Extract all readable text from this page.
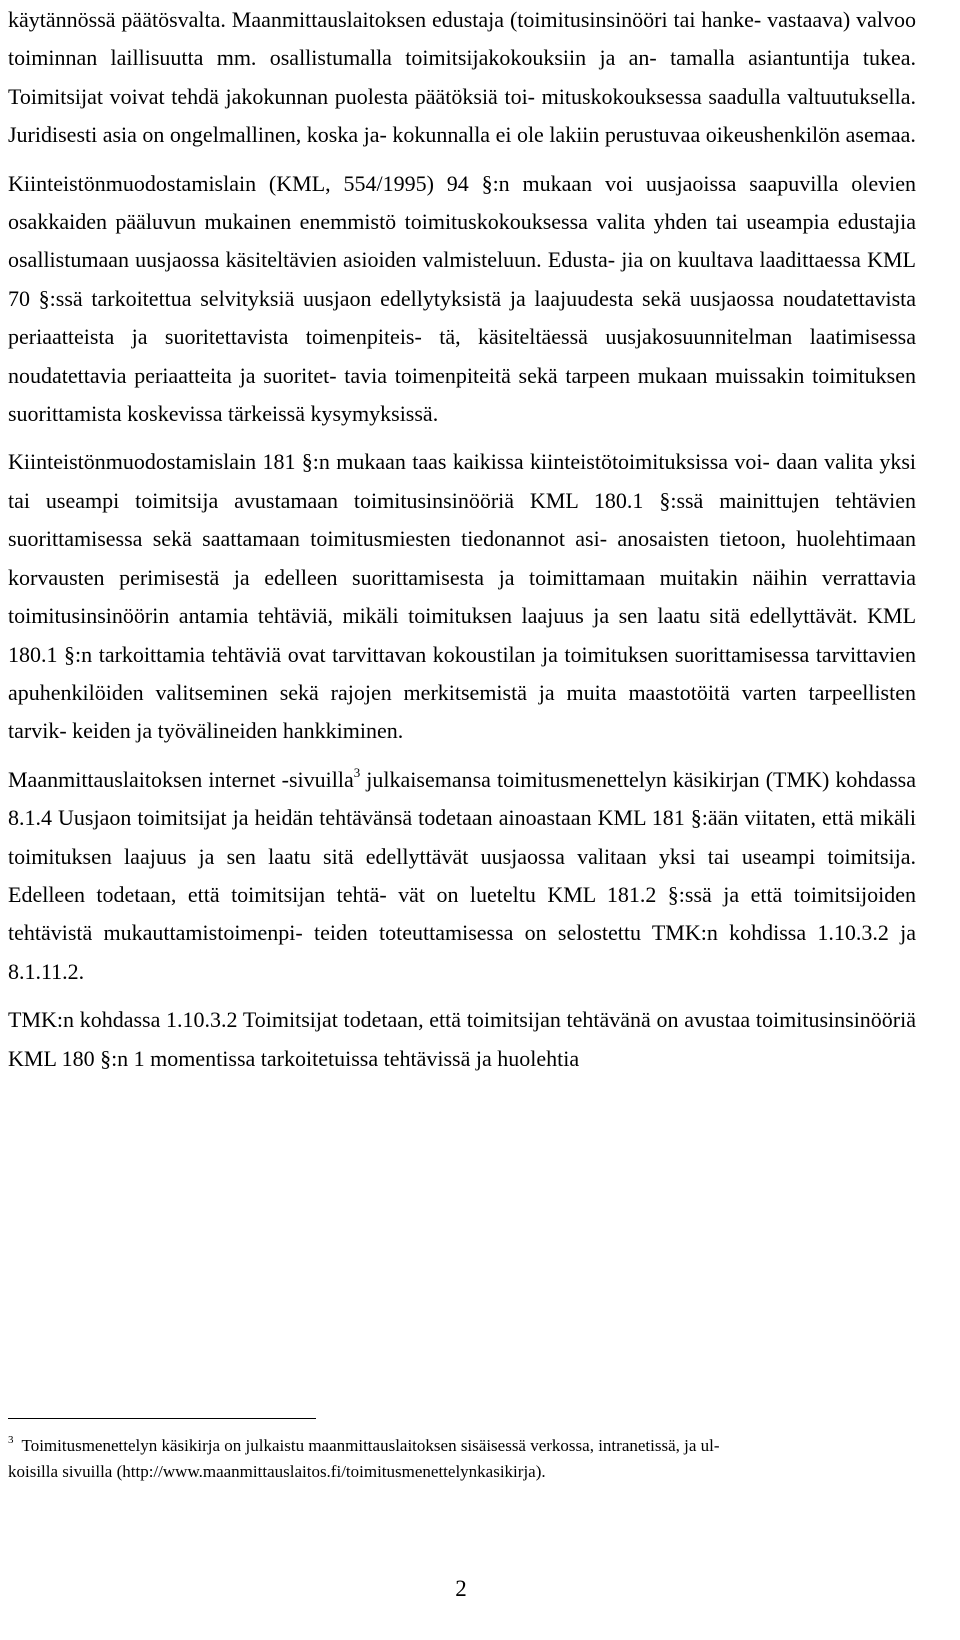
käytännössä päätösvalta. Maanmittauslaitoksen edustaja (toimitusinsinööri tai hanke- vastaava) valvoo toiminnan laillisuutta mm. osallistumalla toimitsijakokouksiin ja an- tamalla asiantuntija tukea. Toimitsijat voivat tehdä jakokunnan puolesta päätöksiä toi- mituskokouksessa saadulla valtuutuksella. Juridisesti asia on ongelmallinen, koska ja- kokunnalla ei ole lakiin perustuvaa oikeushenkilön asemaa.

Kiinteistönmuodostamislain (KML, 554/1995) 94 §:n mukaan voi uusjaoissa saapuvilla olevien osakkaiden pääluvun mukainen enemmistö toimituskokouksessa valita yhden tai useampia edustajia osallistumaan uusjaossa käsiteltävien asioiden valmisteluun. Edusta- jia on kuultava laadittaessa KML 70 §:ssä tarkoitettua selvityksiä uusjaon edellytyksistä ja laajuudesta sekä uusjaossa noudatettavista periaatteista ja suoritettavista toimenpiteis- tä, käsiteltäessä uusjakosuunnitelman laatimisessa noudatettavia periaatteita ja suoritet- tavia toimenpiteitä sekä tarpeen mukaan muissakin toimituksen suorittamista koskevissa tärkeissä kysymyksissä.

Kiinteistönmuodostamislain 181 §:n mukaan taas kaikissa kiinteistötoimituksissa voi- daan valita yksi tai useampi toimitsija avustamaan toimitusinsinööriä KML 180.1 §:ssä mainittujen tehtävien suorittamisessa sekä saattamaan toimitusmiesten tiedonannot asi- anosaisten tietoon, huolehtimaan korvausten perimisestä ja edelleen suorittamisesta ja toimittamaan muitakin näihin verrattavia toimitusinsinöörin antamia tehtäviä, mikäli toimituksen laajuus ja sen laatu sitä edellyttävät. KML 180.1 §:n tarkoittamia tehtäviä ovat tarvittavan kokoustilan ja toimituksen suorittamisessa tarvittavien apuhenkilöiden valitseminen sekä rajojen merkitsemistä ja muita maastotöitä varten tarpeellisten tarvik- keiden ja työvälineiden hankkiminen.

Maanmittauslaitoksen internet -sivuilla$^3$ julkaisemansa toimitusmenettelyn käsikirjan (TMK) kohdassa 8.1.4 Uusjaon toimitsijat ja heidän tehtävänsä todetaan ainoastaan KML 181 §:ään viitaten, että mikäli toimituksen laajuus ja sen laatu sitä edellyttävät uusjaossa valitaan yksi tai useampi toimitsija. Edelleen todetaan, että toimitsijan tehtä- vät on lueteltu KML 181.2 §:ssä ja että toimitsijoiden tehtävistä mukauttamistoimenpi- teiden toteuttamisessa on selostettu TMK:n kohdissa 1.10.3.2 ja 8.1.11.2.

TMK:n kohdassa 1.10.3.2 Toimitsijat todetaan, että toimitsijan tehtävänä on avustaa toimitusinsinööriä KML 180 §:n 1 momentissa tarkoitetuissa tehtävissä ja huolehtia

$^3$ Toimitusmenettelyn käsikirja on julkaistu maanmittauslaitoksen sisäisessä verkossa, intranetissä, ja ul-
koisilla sivuilla (http://www.maanmittauslaitos.fi/toimitusmenettelynkasikirja).
2
